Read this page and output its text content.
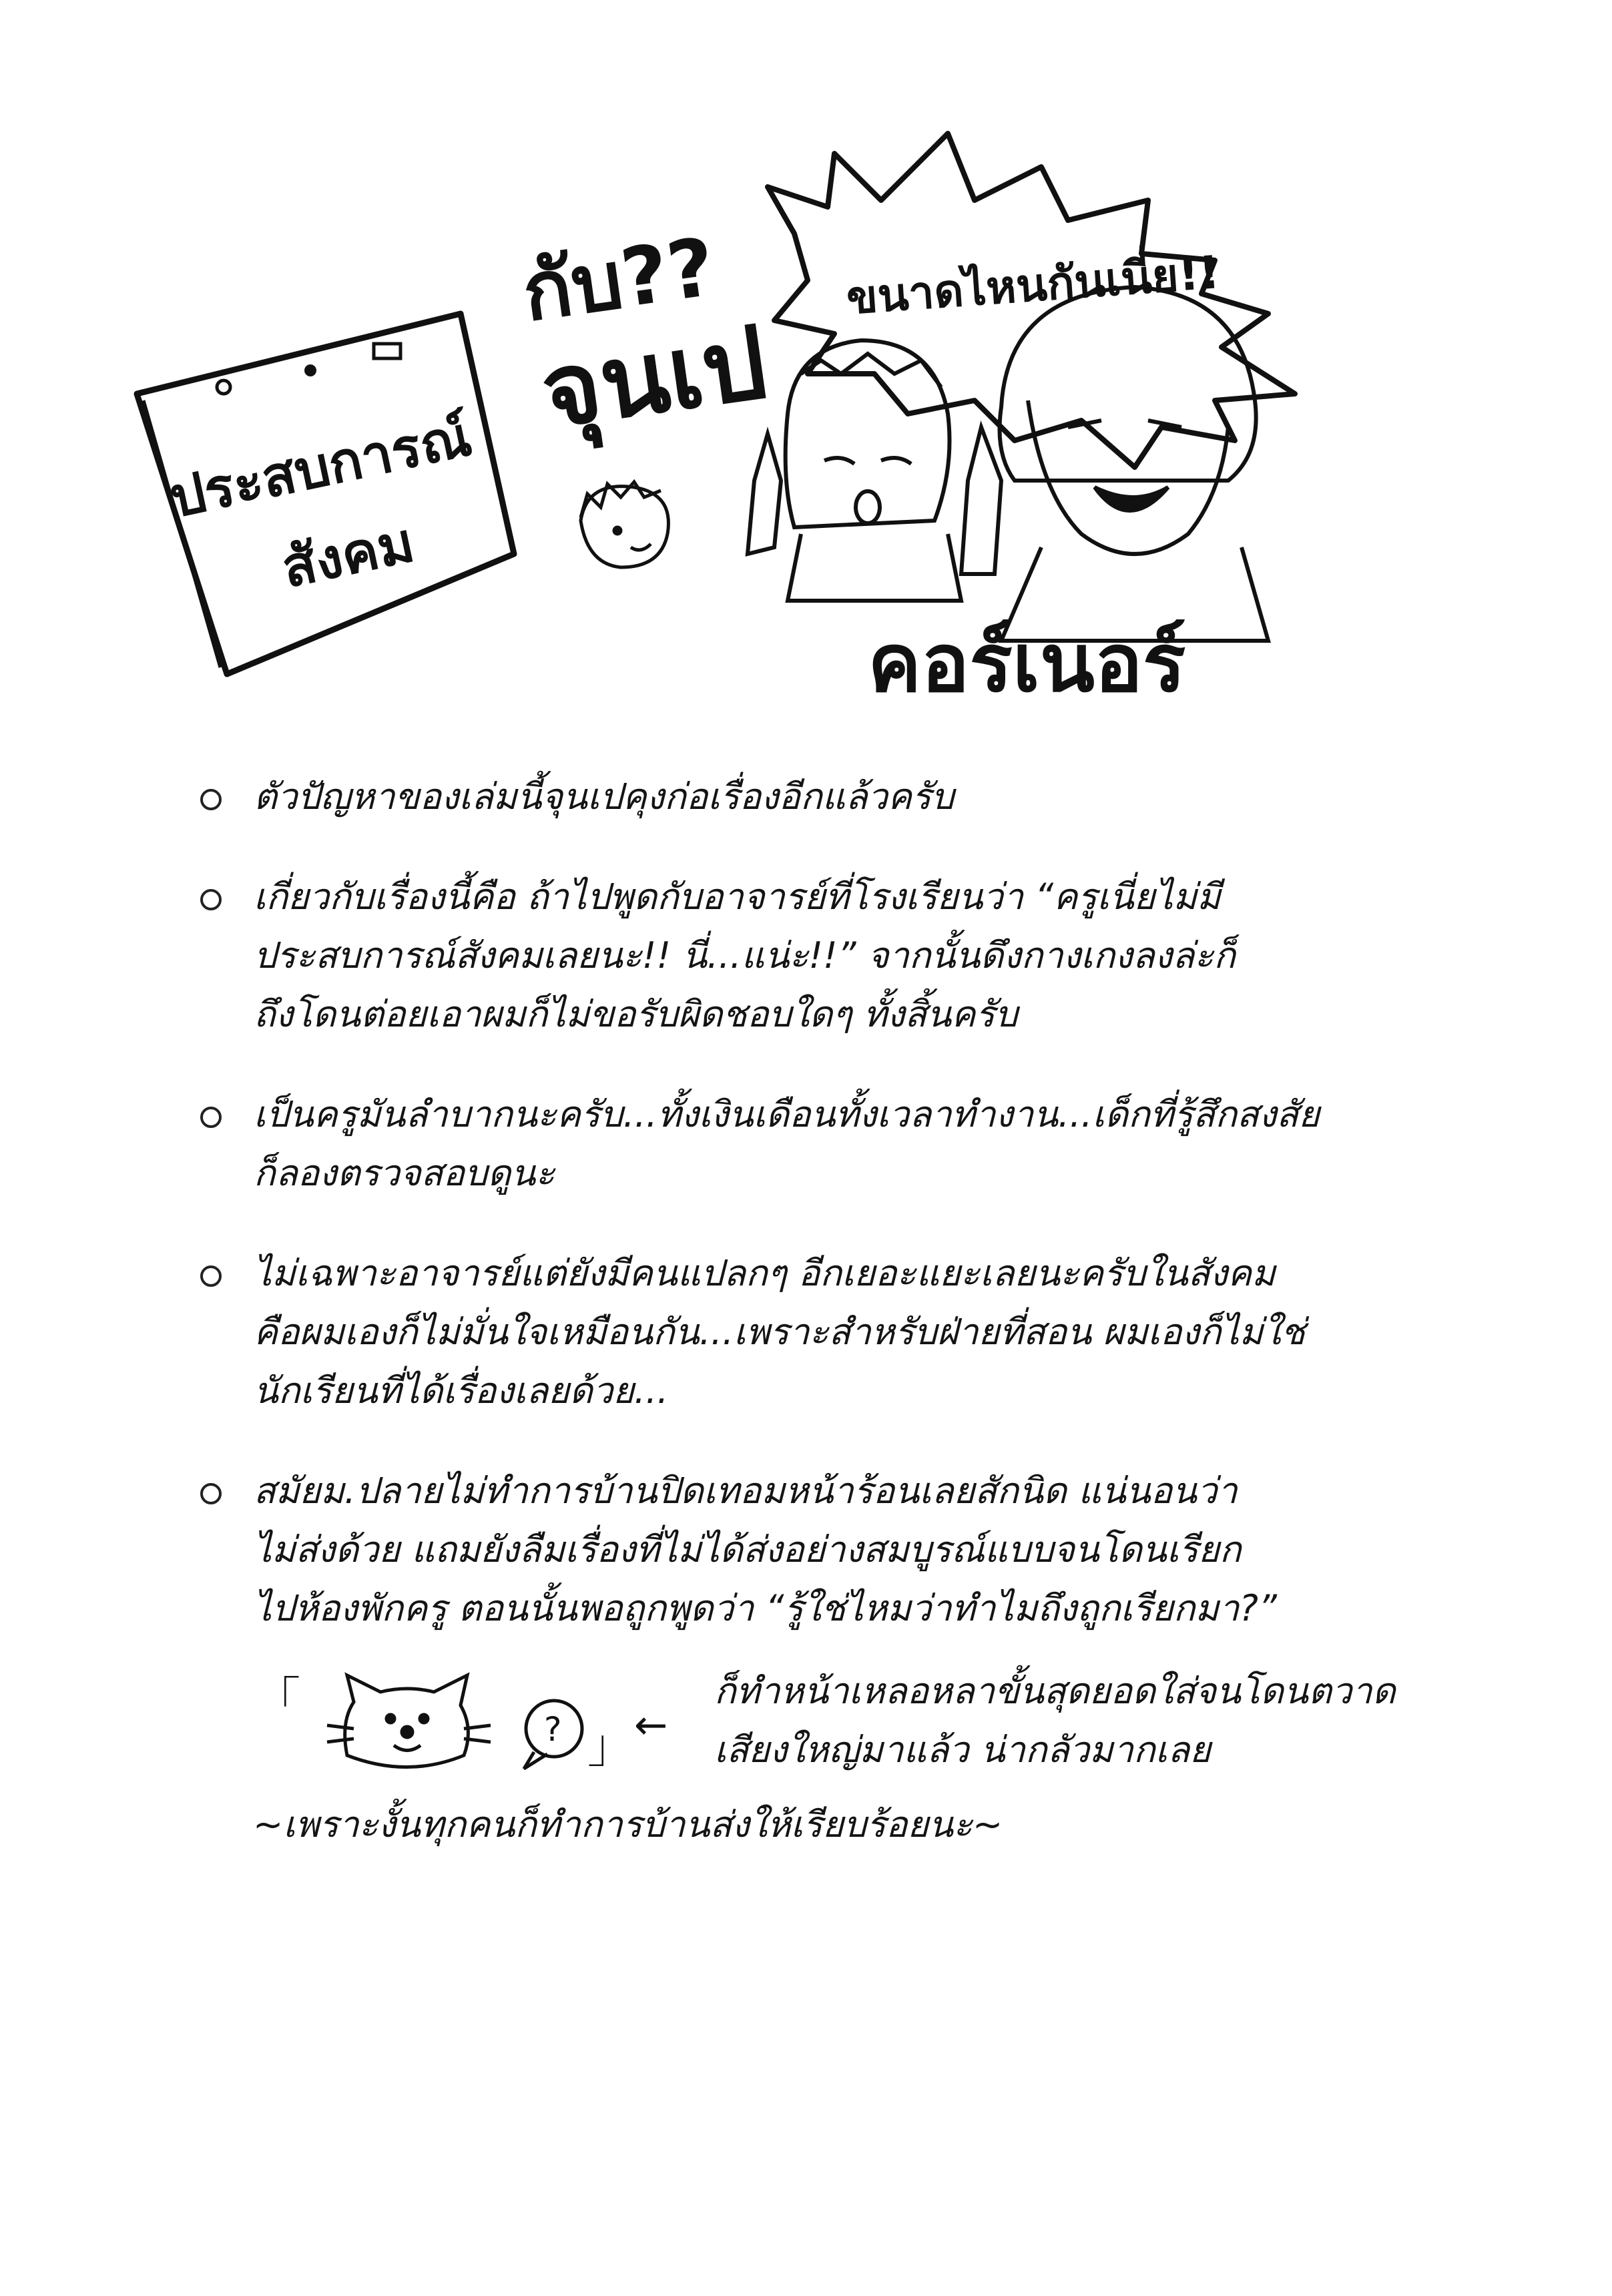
ประสบการณ์
สังคม
กับ??
จุนเป
ขนาดไหนกันเนี่ย!!
คอร์เนอร์
ตัวปัญหาของเล่มนี้จุนเปคุงก่อเรื่องอีกแล้วครับ
เกี่ยวกับเรื่องนี้คือ ถ้าไปพูดกับอาจารย์ที่โรงเรียนว่า “ครูเนี่ยไม่มี
ประสบการณ์สังคมเลยนะ!! นี่...แน่ะ!!” จากนั้นดึงกางเกงลงล่ะก็
ถึงโดนต่อยเอาผมก็ไม่ขอรับผิดชอบใดๆ ทั้งสิ้นครับ
เป็นครูมันลำบากนะครับ...ทั้งเงินเดือนทั้งเวลาทำงาน...เด็กที่รู้สึกสงสัย
ก็ลองตรวจสอบดูนะ
ไม่เฉพาะอาจารย์แต่ยังมีคนแปลกๆ อีกเยอะแยะเลยนะครับในสังคม
คือผมเองก็ไม่มั่นใจเหมือนกัน...เพราะสำหรับฝ่ายที่สอน ผมเองก็ไม่ใช่
นักเรียนที่ได้เรื่องเลยด้วย...
สมัยม.ปลายไม่ทำการบ้านปิดเทอมหน้าร้อนเลยสักนิด แน่นอนว่า
ไม่ส่งด้วย แถมยังลืมเรื่องที่ไม่ได้ส่งอย่างสมบูรณ์แบบจนโดนเรียก
ไปห้องพักครู ตอนนั้นพอถูกพูดว่า “รู้ใช่ไหมว่าทำไมถึงถูกเรียกมา?”
「
? 」 ←
ก็ทำหน้าเหลอหลาขั้นสุดยอดใส่จนโดนตวาด
เสียงใหญ่มาแล้ว น่ากลัวมากเลย
~เพราะงั้นทุกคนก็ทำการบ้านส่งให้เรียบร้อยนะ~
